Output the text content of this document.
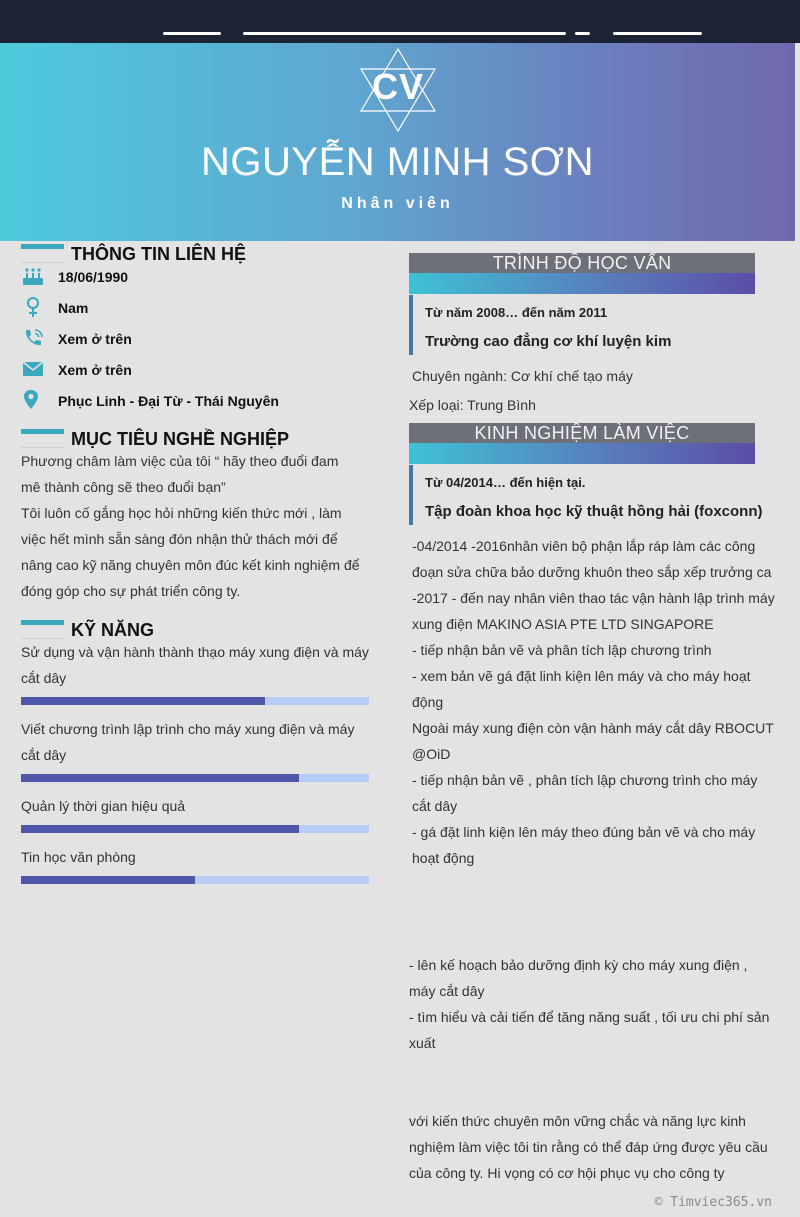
CV
NGUYỄN MINH SƠN
Nhân viên
THÔNG TIN LIÊN HỆ
18/06/1990
Nam
Xem ở trên
Xem ở trên
Phục Linh - Đại Từ - Thái Nguyên
MỤC TIÊU NGHỀ NGHIỆP
Phương châm làm việc của tôi “ hãy theo đuổi đam
mê thành công sẽ theo đuổi bạn”
Tôi luôn cố gắng học hỏi những kiến thức mới , làm
việc hết mình sẵn sàng đón nhận thử thách mới để
nâng cao kỹ năng chuyên môn đúc kết kinh nghiệm để
đóng góp cho sự phát triển công ty.
KỸ NĂNG
Sử dụng và vận hành thành thạo máy xung điện và máy
cắt dây
Viết chương trình lập trình cho máy xung điện và máy
cắt dây
Quản lý thời gian hiệu quả
Tin học văn phòng
TRÌNH ĐỘ HỌC VẤN
Từ năm 2008… đến năm 2011
Trường cao đẳng cơ khí luyện kim
Chuyên ngành: Cơ khí chế tạo máy
Xếp loại: Trung Bình
KINH NGHIỆM LÀM VIỆC
Từ 04/2014… đến hiện tại.
Tập đoàn khoa học kỹ thuật hồng hải (foxconn)
-04/2014 -2016nhân viên bộ phận lắp ráp làm các công
đoạn sửa chữa bảo dưỡng khuôn theo sắp xếp trưởng ca
-2017 - đến nay nhân viên thao tác vận hành lập trình máy
xung điện MAKINO ASIA PTE LTD SINGAPORE
- tiếp nhận bản vẽ và phân tích lập chương trình
- xem bản vẽ gá đặt linh kiện lên máy và cho máy hoạt
động
Ngoài máy xung điện còn vận hành máy cắt dây RBOCUT
@OiD
- tiếp nhận bản vẽ , phân tích lập chương trình cho máy
cắt dây
- gá đặt linh kiện lên máy theo đúng bản vẽ và cho máy
hoạt động
- lên kế hoạch bảo dưỡng định kỳ cho máy xung điện ,
máy cắt dây
- tìm hiểu và cải tiến để tăng năng suất , tối ưu chi phí sản
xuất
với kiến thức chuyên môn vững chắc và năng lực kinh
nghiệm làm việc tôi tin rằng có thể đáp ứng được yêu cầu
của công ty. Hi vọng có cơ hội phục vụ cho công ty
© Timviec365.vn
